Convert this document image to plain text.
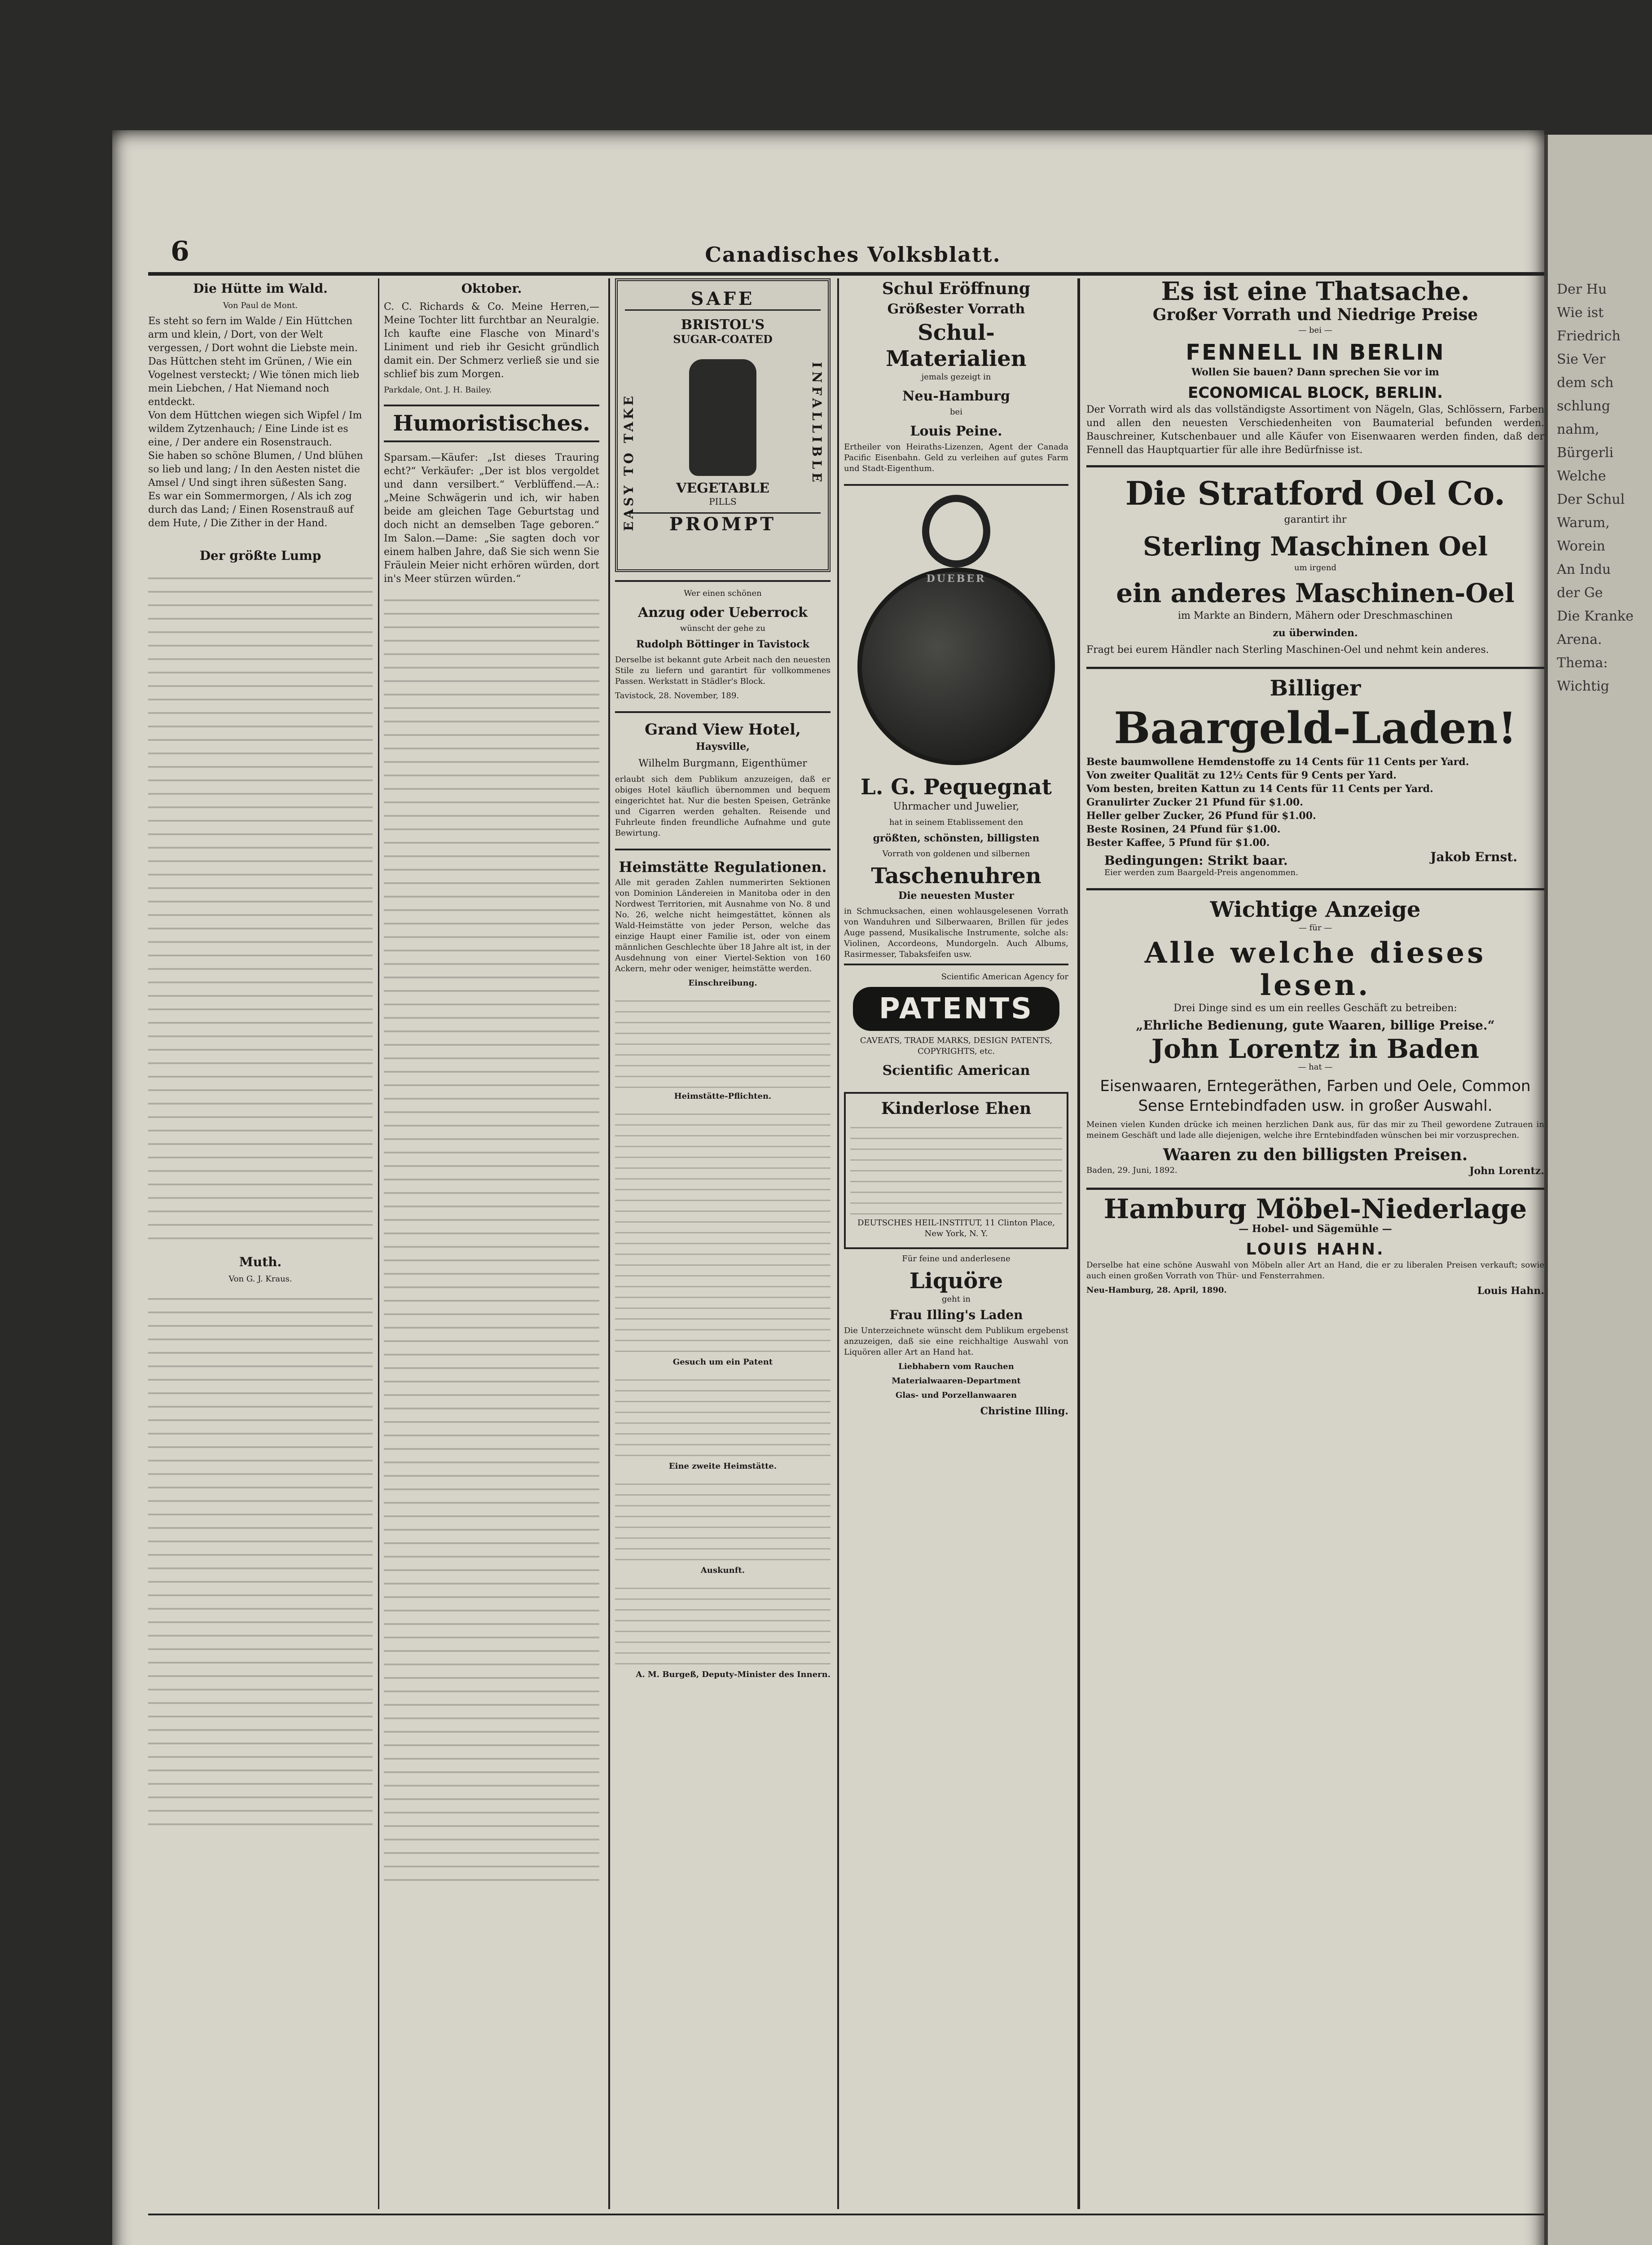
Der Hu

Wie ist

Friedrich

Sie Ver

dem sch

schlung

nahm,

Bürgerli

Welche

Der Schul

Warum,

Worein

An Indu

der Ge

Die Kranke

Arena.

Thema:

Wichtig

6	Canadisches Volksblatt.
Die Hütte im Wald.

Von Paul de Mont.

Es steht so fern im Walde / Ein Hüttchen arm und klein, / Dort, von der Welt vergessen, / Dort wohnt die Liebste mein.

Das Hüttchen steht im Grünen, / Wie ein Vogelnest versteckt; / Wie tönen mich lieb mein Liebchen, / Hat Niemand noch entdeckt.

Von dem Hüttchen wiegen sich Wipfel / Im wildem Zytzenhauch; / Eine Linde ist es eine, / Der andere ein Rosenstrauch.

Sie haben so schöne Blumen, / Und blühen so lieb und lang; / In den Aesten nistet die Amsel / Und singt ihren süßesten Sang.

Es war ein Sommermorgen, / Als ich zog durch das Land; / Einen Rosenstrauß auf dem Hute, / Die Zither in der Hand.

Der größte Lump
Muth.

Von G. J. Kraus.

Oktober.

C. C. Richards & Co. Meine Herren,—Meine Tochter litt furchtbar an Neuralgie. Ich kaufte eine Flasche von Minard's Liniment und rieb ihr Gesicht gründlich damit ein. Der Schmerz verließ sie und sie schlief bis zum Morgen.

Parkdale, Ont. J. H. Bailey.

Humoristisches.

Sparsam.—Käufer: „Ist dieses Trauring echt?“ Verkäufer: „Der ist blos vergoldet und dann versilbert.“ Verblüffend.—A.: „Meine Schwägerin und ich, wir haben beide am gleichen Tage Geburtstag und doch nicht an demselben Tage geboren.“ Im Salon.—Dame: „Sie sagten doch vor einem halben Jahre, daß Sie sich wenn Sie Fräulein Meier nicht erhören würden, dort in's Meer stürzen würden.“

SAFE
BRISTOL'S
SUGAR-COATED
EASY TO TAKE	INFALLIBLE
VEGETABLE
PILLS
PROMPT

Wer einen schönen

Anzug oder Ueberrock

wünscht der gehe zu

Rudolph Böttinger in Tavistock

Derselbe ist bekannt gute Arbeit nach den neuesten Stile zu liefern und garantirt für vollkommenes Passen. Werkstatt in Städler's Block.

Tavistock, 28. November, 189.

Grand View Hotel,

Haysville,

Wilhelm Burgmann, Eigenthümer

erlaubt sich dem Publikum anzuzeigen, daß er obiges Hotel käuflich übernommen und bequem eingerichtet hat. Nur die besten Speisen, Getränke und Cigarren werden gehalten. Reisende und Fuhrleute finden freundliche Aufnahme und gute Bewirtung.

Heimstätte Regulationen.

Alle mit geraden Zahlen nummerirten Sektionen von Dominion Ländereien in Manitoba oder in den Nordwest Territorien, mit Ausnahme von No. 8 und No. 26, welche nicht heimgestättet, können als Wald-Heimstätte von jeder Person, welche das einzige Haupt einer Familie ist, oder von einem männlichen Geschlechte über 18 Jahre alt ist, in der Ausdehnung von einer Viertel-Sektion von 160 Ackern, mehr oder weniger, heimstätte werden.

Einschreibung.

Heimstätte-Pflichten.

Gesuch um ein Patent

Eine zweite Heimstätte.

Auskunft.

A. M. Burgeß, Deputy-Minister des Innern.

Schul Eröffnung

Größester Vorrath

Schul-

Materialien

jemals gezeigt in

Neu-Hamburg

bei

Louis Peine.

Ertheiler von Heiraths-Lizenzen, Agent der Canada Pacific Eisenbahn. Geld zu verleihen auf gutes Farm und Stadt-Eigenthum.

DUEBER

L. G. Pequegnat

Uhrmacher und Juwelier,

hat in seinem Etablissement den

größten, schönsten, billigsten

Vorrath von goldenen und silbernen

Taschenuhren

Die neuesten Muster

in Schmucksachen, einen wohlausgelesenen Vorrath von Wanduhren und Silberwaaren, Brillen für jedes Auge passend, Musikalische Instrumente, solche als: Violinen, Accordeons, Mundorgeln. Auch Albums, Rasirmesser, Tabaksfeifen usw.

Scientific American Agency for

PATENTS

CAVEATS, TRADE MARKS, DESIGN PATENTS, COPYRIGHTS, etc.

Scientific American

Kinderlose Ehen

DEUTSCHES HEIL-INSTITUT, 11 Clinton Place, New York, N. Y.

Für feine und anderlesene

Liquöre

geht in

Frau Illing's Laden

Die Unterzeichnete wünscht dem Publikum ergebenst anzuzeigen, daß sie eine reichhaltige Auswahl von Liquören aller Art an Hand hat.

Liebhabern vom Rauchen

Materialwaaren-Department

Glas- und Porzellanwaaren

Christine Illing.

Es ist eine Thatsache.

Großer Vorrath und Niedrige Preise

— bei —

FENNELL IN BERLIN

Wollen Sie bauen? Dann sprechen Sie vor im

ECONOMICAL BLOCK, BERLIN.

Der Vorrath wird als das vollständigste Assortiment von Nägeln, Glas, Schlössern, Farben und allen den neuesten Verschiedenheiten von Baumaterial befunden werden. Bauschreiner, Kutschenbauer und alle Käufer von Eisenwaaren werden finden, daß der Fennell das Hauptquartier für alle ihre Bedürfnisse ist.

Die Stratford Oel Co.

garantirt ihr

Sterling Maschinen Oel

um irgend

ein anderes Maschinen-Oel

im Markte an Bindern, Mähern oder Dreschmaschinen

zu überwinden.

Fragt bei eurem Händler nach Sterling Maschinen-Oel und nehmt kein anderes.

Billiger

Baargeld-Laden!

Beste baumwollene Hemdenstoffe zu 14 Cents für 11 Cents per Yard.

Von zweiter Qualität zu 12½ Cents für 9 Cents per Yard.

Vom besten, breiten Kattun zu 14 Cents für 11 Cents per Yard.

Granulirter Zucker 21 Pfund für $1.00.

Heller gelber Zucker, 26 Pfund für $1.00.

Beste Rosinen, 24 Pfund für $1.00.

Bester Kaffee, 5 Pfund für $1.00.

Bedingungen: Strikt baar.	Jakob Ernst.

Eier werden zum Baargeld-Preis angenommen.

Wichtige Anzeige

— für —

Alle welche dieses lesen.

Drei Dinge sind es um ein reelles Geschäft zu betreiben:

„Ehrliche Bedienung, gute Waaren, billige Preise.“

John Lorentz in Baden

— hat —

Eisenwaaren, Erntegeräthen, Farben und Oele, Common Sense Erntebindfaden usw. in großer Auswahl.

Meinen vielen Kunden drücke ich meinen herzlichen Dank aus, für das mir zu Theil gewordene Zutrauen in meinem Geschäft und lade alle diejenigen, welche ihre Erntebindfaden wünschen bei mir vorzusprechen.

Waaren zu den billigsten Preisen.

Baden, 29. Juni, 1892.	John Lorentz.

Hamburg Möbel-Niederlage

— Hobel- und Sägemühle —

LOUIS HAHN.

Derselbe hat eine schöne Auswahl von Möbeln aller Art an Hand, die er zu liberalen Preisen verkauft; sowie auch einen großen Vorrath von Thür- und Fensterrahmen.

Neu-Hamburg, 28. April, 1890.	Louis Hahn.
